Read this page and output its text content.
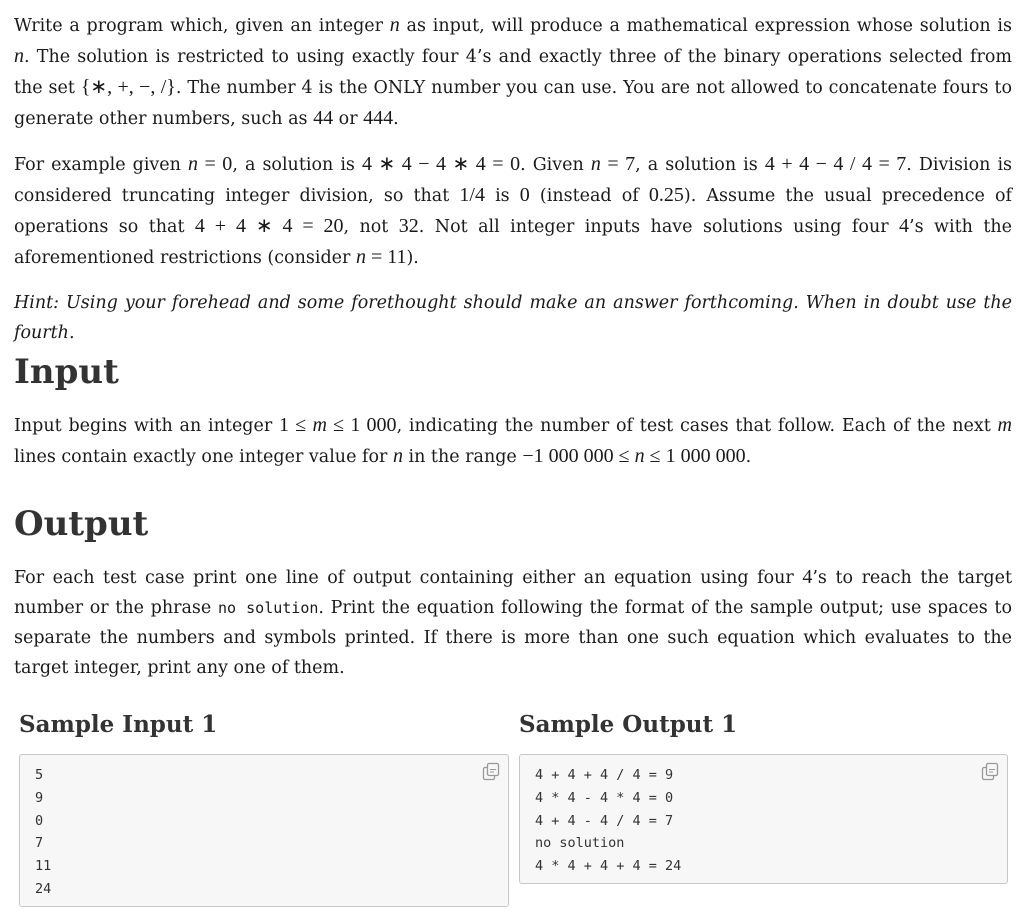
Write a program which, given an integer n as input, will produce a mathematical expression whose solution is n. The solution is restricted to using exactly four 4’s and exactly three of the binary operations selected from the set {∗, +, −, /}. The number 4 is the ONLY number you can use. You are not allowed to concatenate fours to generate other numbers, such as 44 or 444.

For example given n = 0, a solution is 4 ∗ 4 − 4 ∗ 4 = 0. Given n = 7, a solution is 4 + 4 − 4 / 4 = 7. Division is considered truncating integer division, so that 1/4 is 0 (instead of 0.25). Assume the usual precedence of operations so that 4 + 4 ∗ 4 = 20, not 32. Not all integer inputs have solutions using four 4’s with the aforementioned restrictions (consider n = 11).

Hint: Using your forehead and some forethought should make an answer forthcoming. When in doubt use the fourth.

Input

Input begins with an integer 1 ≤ m ≤ 1 000, indicating the number of test cases that follow. Each of the next m lines contain exactly one integer value for n in the range −1 000 000 ≤ n ≤ 1 000 000.

Output

For each test case print one line of output containing either an equation using four 4’s to reach the target number or the phrase no solution. Print the equation following the format of the sample output; use spaces to separate the numbers and symbols printed. If there is more than one such equation which evaluates to the target integer, print any one of them.

Sample Input 1	Sample Output 1
5
9
0
7
11
24
4 + 4 + 4 / 4 = 9
4 * 4 - 4 * 4 = 0
4 + 4 - 4 / 4 = 7
no solution
4 * 4 + 4 + 4 = 24
